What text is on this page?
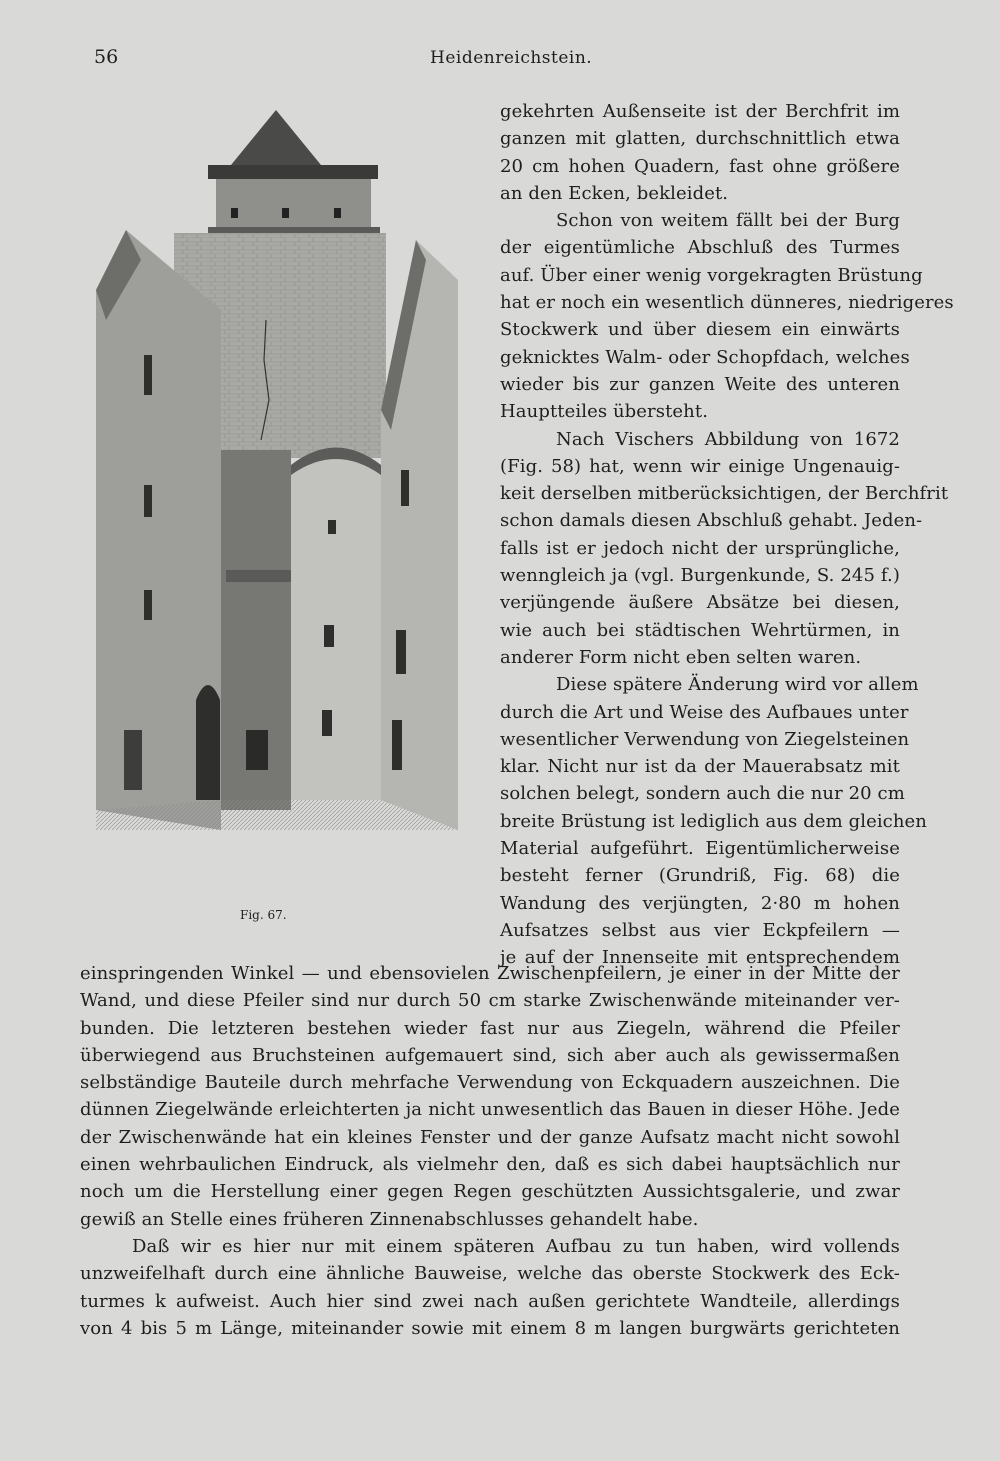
56	Heidenreichstein.
Fig. 67.
gekehrten Außenseite ist der Berchfrit im
ganzen mit glatten, durchschnittlich etwa
20 cm hohen Quadern, fast ohne größere
an den Ecken, bekleidet.
Schon von weitem fällt bei der Burg
der eigentümliche Abschluß des Turmes
auf. Über einer wenig vorgekragten Brüstung
hat er noch ein wesentlich dünneres, niedrigeres
Stockwerk und über diesem ein einwärts
geknicktes Walm- oder Schopfdach, welches
wieder bis zur ganzen Weite des unteren
Hauptteiles übersteht.
Nach Vischers Abbildung von 1672
(Fig. 58) hat, wenn wir einige Ungenauig-
keit derselben mitberücksichtigen, der Berchfrit
schon damals diesen Abschluß gehabt. Jeden-
falls ist er jedoch nicht der ursprüngliche,
wenngleich ja (vgl. Burgenkunde, S. 245 f.)
verjüngende äußere Absätze bei diesen,
wie auch bei städtischen Wehrtürmen, in
anderer Form nicht eben selten waren.
Diese spätere Änderung wird vor allem
durch die Art und Weise des Aufbaues unter
wesentlicher Verwendung von Ziegelsteinen
klar. Nicht nur ist da der Mauerabsatz mit
solchen belegt, sondern auch die nur 20 cm
breite Brüstung ist lediglich aus dem gleichen
Material aufgeführt. Eigentümlicherweise
besteht ferner (Grundriß, Fig. 68) die
Wandung des verjüngten, 2·80 m hohen
Aufsatzes selbst aus vier Eckpfeilern —
je auf der Innenseite mit entsprechendem
einspringenden Winkel — und ebensovielen Zwischenpfeilern, je einer in der Mitte der
Wand, und diese Pfeiler sind nur durch 50 cm starke Zwischenwände miteinander ver-
bunden. Die letzteren bestehen wieder fast nur aus Ziegeln, während die Pfeiler
überwiegend aus Bruchsteinen aufgemauert sind, sich aber auch als gewissermaßen
selbständige Bauteile durch mehrfache Verwendung von Eckquadern auszeichnen. Die
dünnen Ziegelwände erleichterten ja nicht unwesentlich das Bauen in dieser Höhe. Jede
der Zwischenwände hat ein kleines Fenster und der ganze Aufsatz macht nicht sowohl
einen wehrbaulichen Eindruck, als vielmehr den, daß es sich dabei hauptsächlich nur
noch um die Herstellung einer gegen Regen geschützten Aussichtsgalerie, und zwar
gewiß an Stelle eines früheren Zinnenabschlusses gehandelt habe.
Daß wir es hier nur mit einem späteren Aufbau zu tun haben, wird vollends
unzweifelhaft durch eine ähnliche Bauweise, welche das oberste Stockwerk des Eck-
turmes k aufweist. Auch hier sind zwei nach außen gerichtete Wandteile, allerdings
von 4 bis 5 m Länge, miteinander sowie mit einem 8 m langen burgwärts gerichteten
